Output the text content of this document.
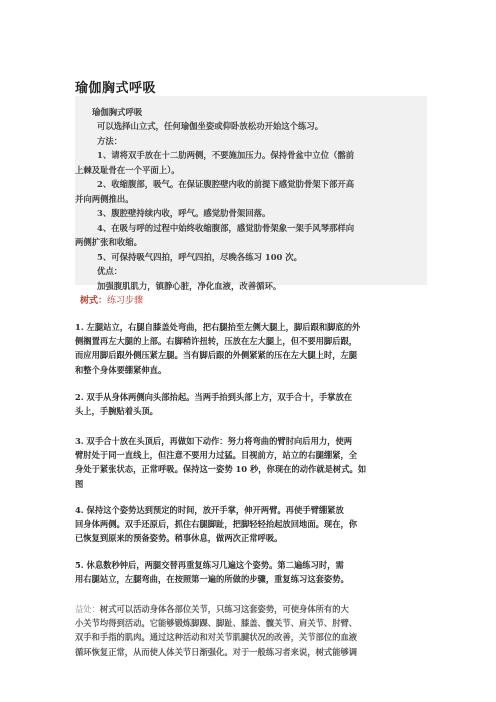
瑜伽胸式呼吸

瑜伽胸式呼吸

可以选择山立式，任何瑜伽坐姿或仰卧放松功开始这个练习。

方法：

1、请将双手放在十二肋两侧，不要施加压力。保持骨盆中立位（髂前

上棘及耻骨在一个平面上）。

2、收缩腹部，吸气。在保证腹腔壁内收的前提下感觉肋骨架下部开高

并向两侧推出。

3、腹腔壁持续内收，呼气。感觉肋骨架回落。

4、在吸与呼的过程中始终收缩腹部，感觉肋骨架象一架手风琴那样向

两侧扩张和收缩。

5、可保持吸气四拍，呼气四拍，尽晚各练习 100 次。

优点：

加强腹肌肌力，镇静心脏，净化血液，改善循环。

树式：练习步骤
1. 左腿站立，右腿自膝盖处弯曲，把右腿抬至左侧大腿上，脚后跟和脚底的外
侧搁置再左大腿的上部。右脚稍许扭转，压放在左大腿上，但不要用脚后跟，
而应用脚后跟外侧压紧左腿。当有脚后跟的外侧紧紧的压在左大腿上时，左腿
和整个身体要绷紧伸直。
2. 双手从身体两侧向头部抬起。当两手抬到头部上方，双手合十，手掌放在
头上，手腕贴着头顶。
3. 双手合十放在头顶后，再做如下动作：努力将弯曲的臂肘向后用力，使两
臂肘处于同一直线上，但注意不要用力过猛。目视前方，站立的右腿绷紧，全
身处于紧张状态，正常呼吸。保持这一姿势 10 秒，你现在的动作就是树式。如
图
4. 保持这个姿势达到预定的时间，放开手掌，伸开两臂。再使手臂绷紧放
回身体两侧。双手还原后，抓住右腿脚趾，把脚轻轻抬起放回地面。现在，你
已恢复到原来的预备姿势。稍事休息，做两次正常呼吸。
5. 休息数秒钟后，两腿交替再重复练习几遍这个姿势。第二遍练习时，需
用右腿站立，左腿弯曲，在按照第一遍的所做的步骤，重复练习这套姿势。
益处：树式可以活动身体各部位关节，只练习这套姿势，可使身体所有的大
小关节均得到活动。它能够锻炼脚踝、脚趾、膝盖、髋关节、肩关节、肘臂、
双手和手指的肌肉。通过这种活动和对关节肌腱状况的改善，关节部位的血液
循环恢复正常，从而使人体关节日渐强化。对于一般练习者来说，树式能够调
